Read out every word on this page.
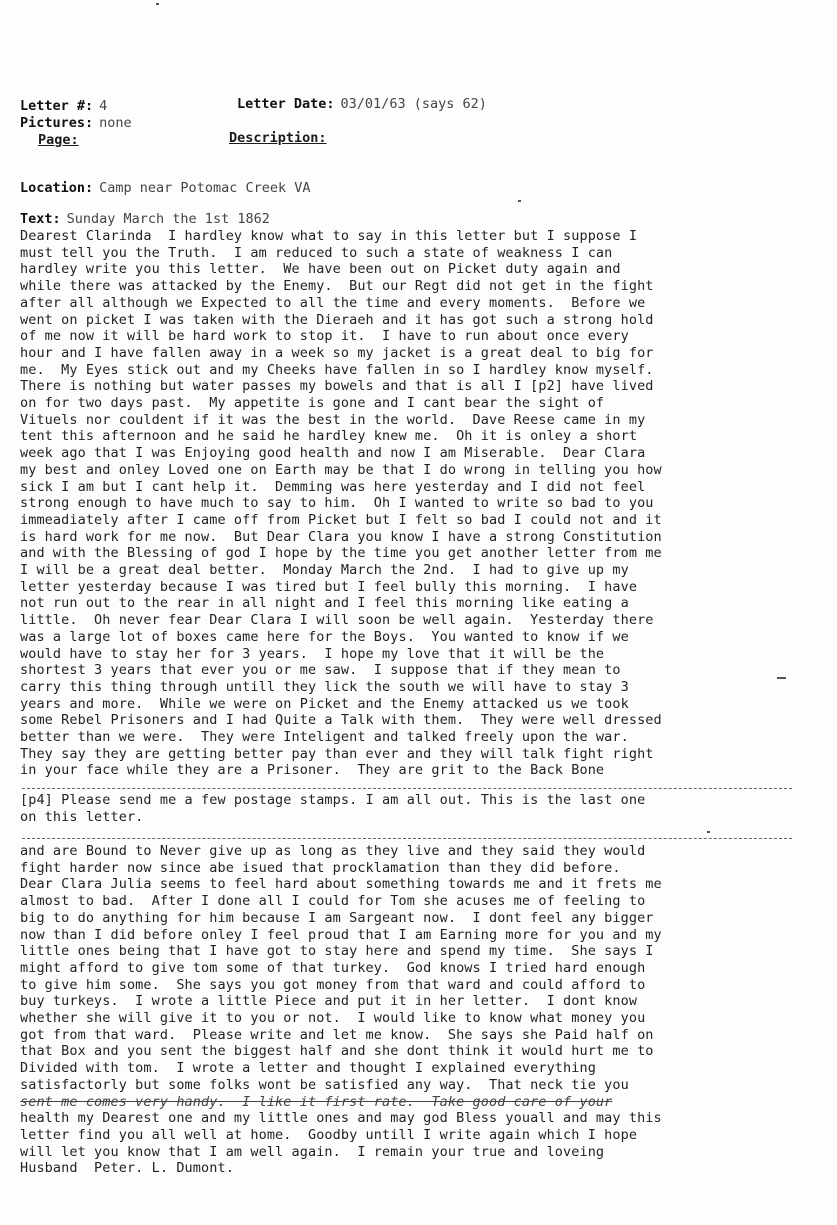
Letter #: 4	Letter Date: 03/01/63 (says 62)
Pictures: none
Page:	Description:
Location: Camp near Potomac Creek VA
Text: Sunday March the 1st 1862
Dearest Clarinda  I hardley know what to say in this letter but I suppose I
must tell you the Truth.  I am reduced to such a state of weakness I can
hardley write you this letter.  We have been out on Picket duty again and
while there was attacked by the Enemy.  But our Regt did not get in the fight
after all although we Expected to all the time and every moments.  Before we
went on picket I was taken with the Dieraeh and it has got such a strong hold
of me now it will be hard work to stop it.  I have to run about once every
hour and I have fallen away in a week so my jacket is a great deal to big for
me.  My Eyes stick out and my Cheeks have fallen in so I hardley know myself.
There is nothing but water passes my bowels and that is all I [p2] have lived
on for two days past.  My appetite is gone and I cant bear the sight of
Vituels nor couldent if it was the best in the world.  Dave Reese came in my
tent this afternoon and he said he hardley knew me.  Oh it is onley a short
week ago that I was Enjoying good health and now I am Miserable.  Dear Clara
my best and onley Loved one on Earth may be that I do wrong in telling you how
sick I am but I cant help it.  Demming was here yesterday and I did not feel
strong enough to have much to say to him.  Oh I wanted to write so bad to you
immeadiately after I came off from Picket but I felt so bad I could not and it
is hard work for me now.  But Dear Clara you know I have a strong Constitution
and with the Blessing of god I hope by the time you get another letter from me
I will be a great deal better.  Monday March the 2nd.  I had to give up my
letter yesterday because I was tired but I feel bully this morning.  I have
not run out to the rear in all night and I feel this morning like eating a
little.  Oh never fear Dear Clara I will soon be well again.  Yesterday there
was a large lot of boxes came here for the Boys.  You wanted to know if we
would have to stay her for 3 years.  I hope my love that it will be the
shortest 3 years that ever you or me saw.  I suppose that if they mean to
carry this thing through untill they lick the south we will have to stay 3
years and more.  While we were on Picket and the Enemy attacked us we took
some Rebel Prisoners and I had Quite a Talk with them.  They were well dressed
better than we were.  They were Inteligent and talked freely upon the war.
They say they are getting better pay than ever and they will talk fight right
in your face while they are a Prisoner.  They are grit to the Back Bone
[p4] Please send me a few postage stamps. I am all out. This is the last one
on this letter.
and are Bound to Never give up as long as they live and they said they would
fight harder now since abe isued that procklamation than they did before.
Dear Clara Julia seems to feel hard about something towards me and it frets me
almost to bad.  After I done all I could for Tom she acuses me of feeling to
big to do anything for him because I am Sargeant now.  I dont feel any bigger
now than I did before onley I feel proud that I am Earning more for you and my
little ones being that I have got to stay here and spend my time.  She says I
might afford to give tom some of that turkey.  God knows I tried hard enough
to give him some.  She says you got money from that ward and could afford to
buy turkeys.  I wrote a little Piece and put it in her letter.  I dont know
whether she will give it to you or not.  I would like to know what money you
got from that ward.  Please write and let me know.  She says she Paid half on
that Box and you sent the biggest half and she dont think it would hurt me to
Divided with tom.  I wrote a letter and thought I explained everything
satisfactorly but some folks wont be satisfied any way.  That neck tie you
sent me comes very handy.  I like it first rate.  Take good care of your
health my Dearest one and my little ones and may god Bless youall and may this
letter find you all well at home.  Goodby untill I write again which I hope
will let you know that I am well again.  I remain your true and loveing
Husband  Peter. L. Dumont.
